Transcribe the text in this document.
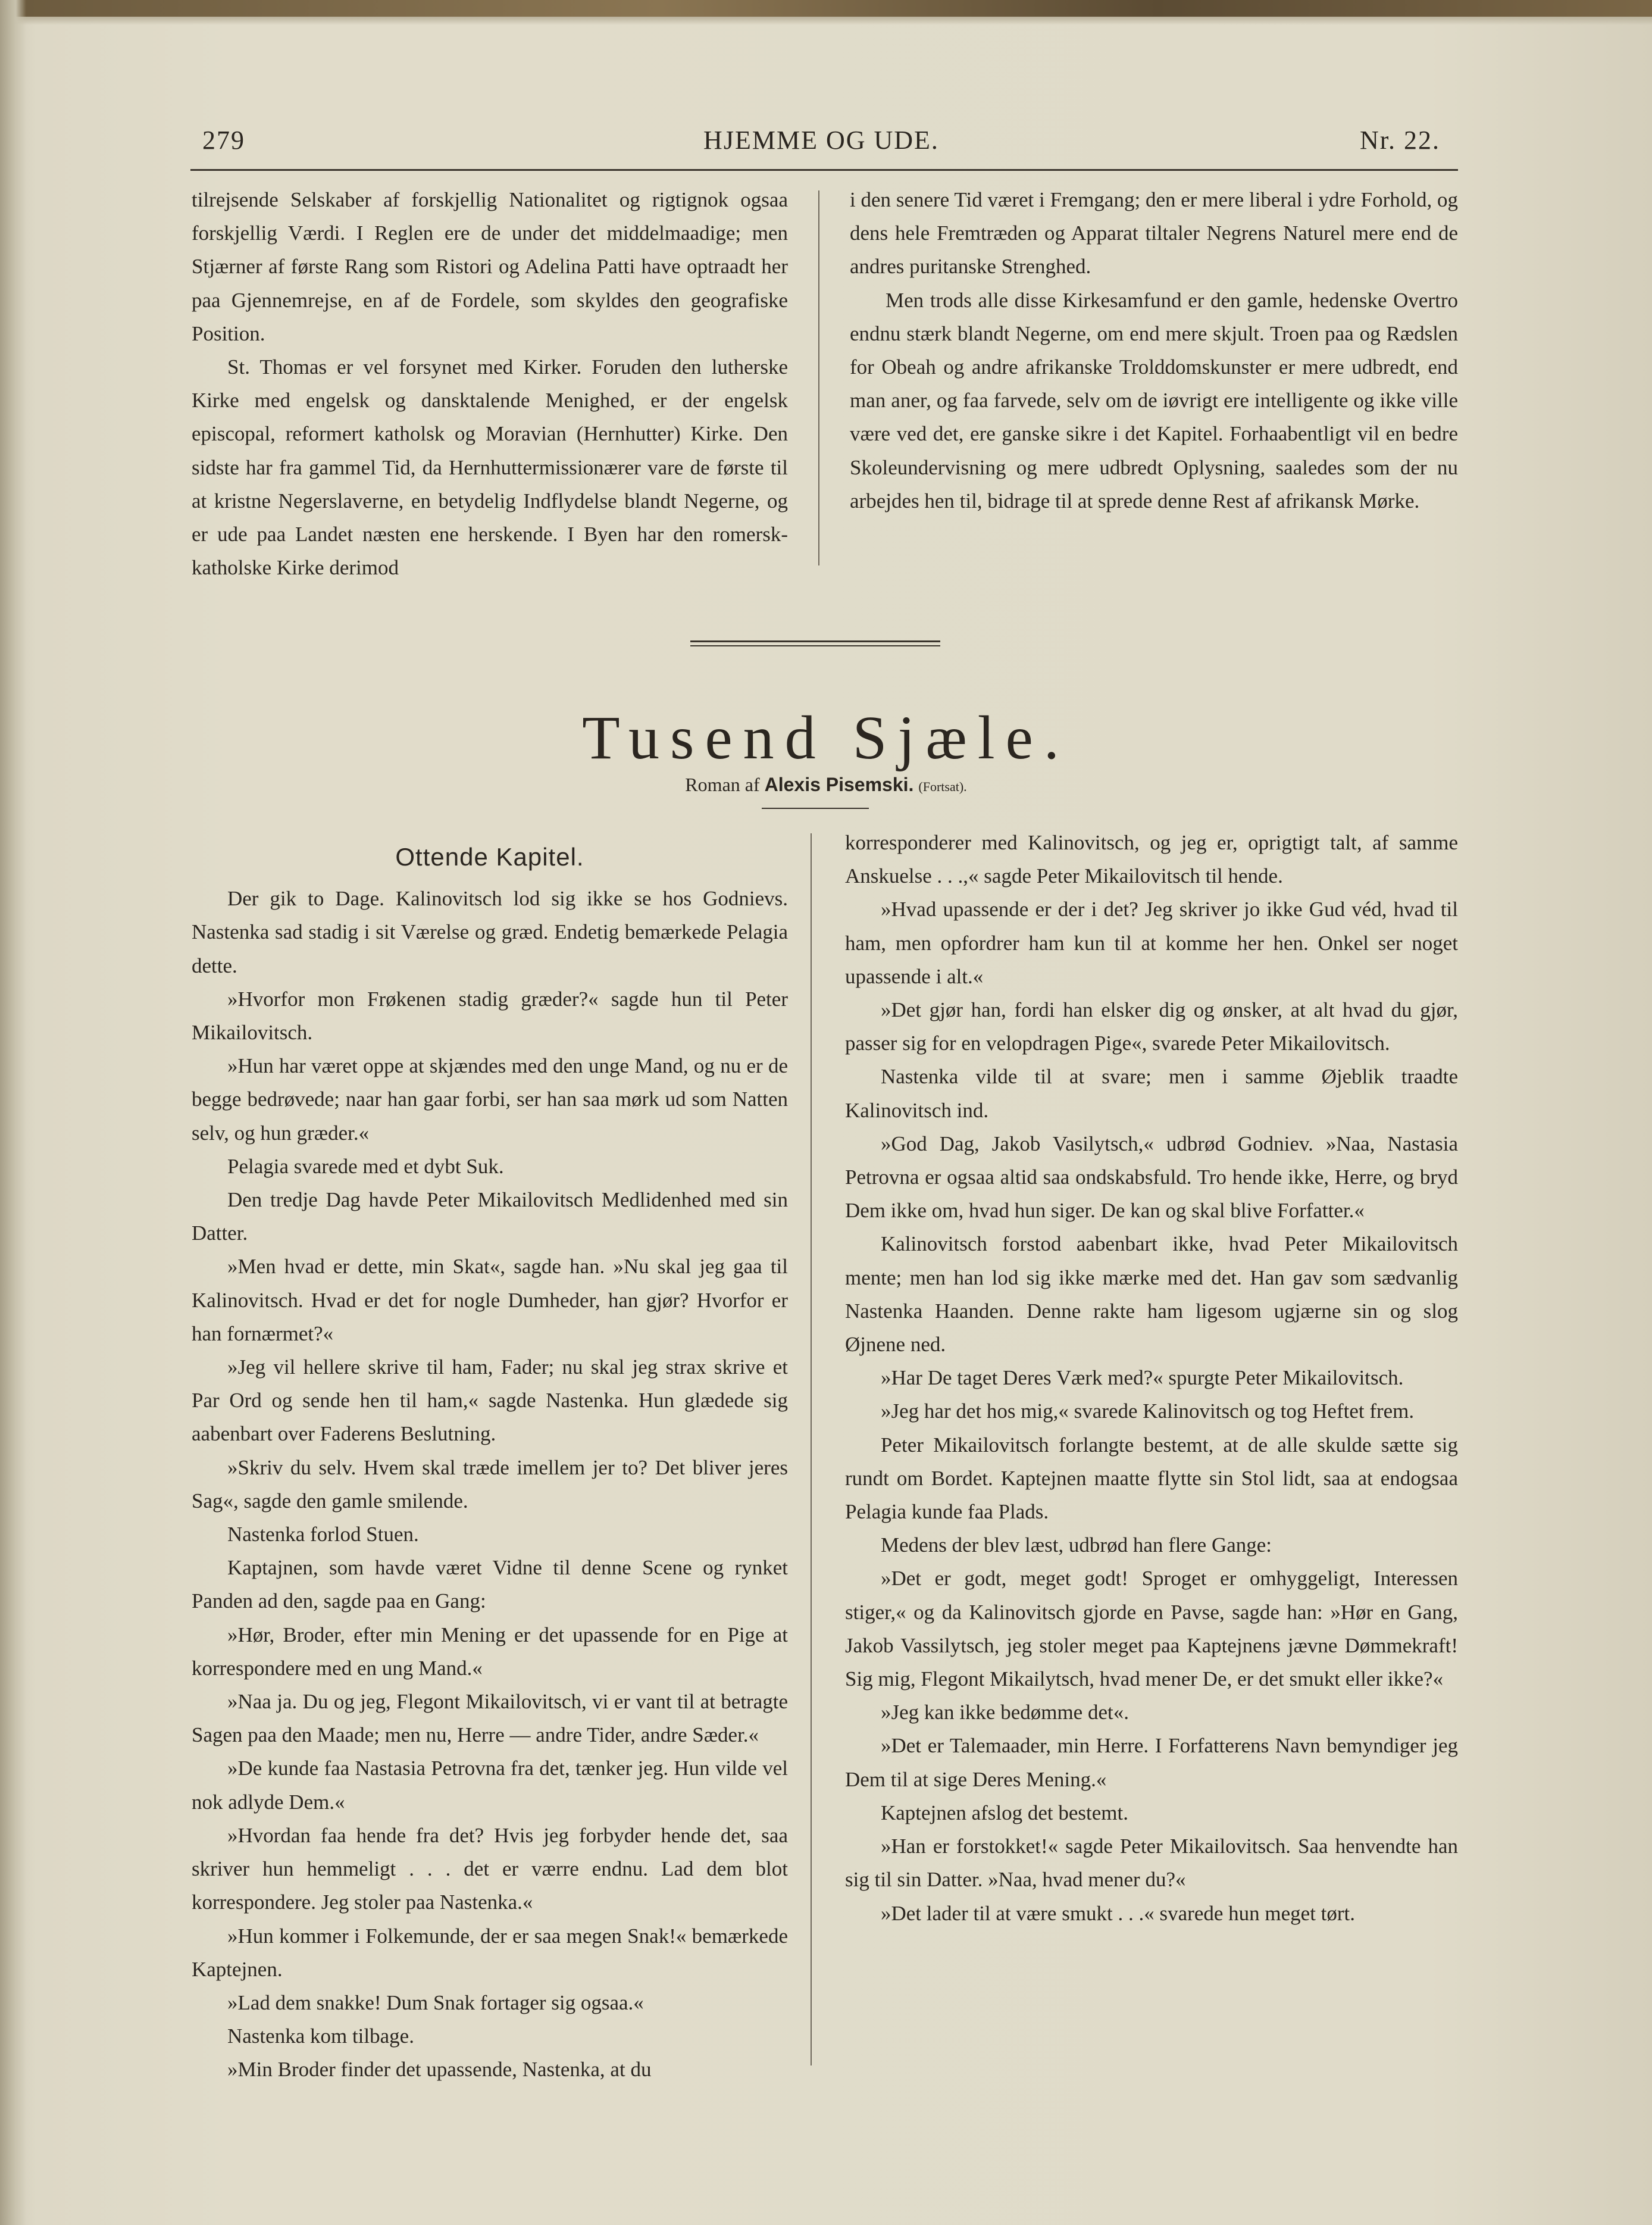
HJEMME OG UDE.
279	Nr. 22.

tilrejsende Selskaber af forskjellig Nationalitet og rigtignok ogsaa forskjellig Værdi. I Reglen ere de under det middelmaadige; men Stjærner af første Rang som Ristori og Adelina Patti have optraadt her paa Gjennemrejse, en af de Fordele, som skyldes den geografiske Position.

St. Thomas er vel forsynet med Kirker. Foruden den lutherske Kirke med engelsk og dansktalende Menighed, er der engelsk episcopal, reformert katholsk og Moravian (Hernhutter) Kirke. Den sidste har fra gammel Tid, da Hernhuttermissionærer vare de første til at kristne Negerslaverne, en betydelig Indflydelse blandt Negerne, og er ude paa Landet næsten ene herskende. I Byen har den romersk-katholske Kirke derimod

i den senere Tid været i Fremgang; den er mere liberal i ydre Forhold, og dens hele Fremtræden og Apparat tiltaler Negrens Naturel mere end de andres puritanske Strenghed.

Men trods alle disse Kirkesamfund er den gamle, hedenske Overtro endnu stærk blandt Negerne, om end mere skjult. Troen paa og Rædslen for Obeah og andre afrikanske Trolddomskunster er mere udbredt, end man aner, og faa farvede, selv om de iøvrigt ere intelligente og ikke ville være ved det, ere ganske sikre i det Kapitel. Forhaabentligt vil en bedre Skoleundervisning og mere udbredt Oplysning, saaledes som der nu arbejdes hen til, bidrage til at sprede denne Rest af afrikansk Mørke.

Tusend Sjæle.
Roman af Alexis Pisemski. (Fortsat).

Ottende Kapitel.

Der gik to Dage. Kalinovitsch lod sig ikke se hos Godnievs. Nastenka sad stadig i sit Værelse og græd. Endetig bemærkede Pelagia dette.

»Hvorfor mon Frøkenen stadig græder?« sagde hun til Peter Mikailovitsch.

»Hun har været oppe at skjændes med den unge Mand, og nu er de begge bedrøvede; naar han gaar forbi, ser han saa mørk ud som Natten selv, og hun græder.«

Pelagia svarede med et dybt Suk.

Den tredje Dag havde Peter Mikailovitsch Medlidenhed med sin Datter.

»Men hvad er dette, min Skat«, sagde han. »Nu skal jeg gaa til Kalinovitsch. Hvad er det for nogle Dumheder, han gjør? Hvorfor er han fornærmet?«

»Jeg vil hellere skrive til ham, Fader; nu skal jeg strax skrive et Par Ord og sende hen til ham,« sagde Nastenka. Hun glædede sig aabenbart over Faderens Beslutning.

»Skriv du selv. Hvem skal træde imellem jer to? Det bliver jeres Sag«, sagde den gamle smilende.

Nastenka forlod Stuen.

Kaptajnen, som havde været Vidne til denne Scene og rynket Panden ad den, sagde paa en Gang:

»Hør, Broder, efter min Mening er det upassende for en Pige at korrespondere med en ung Mand.«

»Naa ja. Du og jeg, Flegont Mikailovitsch, vi er vant til at betragte Sagen paa den Maade; men nu, Herre — andre Tider, andre Sæder.«

»De kunde faa Nastasia Petrovna fra det, tænker jeg. Hun vilde vel nok adlyde Dem.«

»Hvordan faa hende fra det? Hvis jeg forbyder hende det, saa skriver hun hemmeligt . . . det er værre endnu. Lad dem blot korrespondere. Jeg stoler paa Nastenka.«

»Hun kommer i Folkemunde, der er saa megen Snak!« bemærkede Kaptejnen.

»Lad dem snakke! Dum Snak fortager sig ogsaa.«

Nastenka kom tilbage.

»Min Broder finder det upassende, Nastenka, at du

korresponderer med Kalinovitsch, og jeg er, oprigtigt talt, af samme Anskuelse . . .,« sagde Peter Mikailovitsch til hende.

»Hvad upassende er der i det? Jeg skriver jo ikke Gud véd, hvad til ham, men opfordrer ham kun til at komme her hen. Onkel ser noget upassende i alt.«

»Det gjør han, fordi han elsker dig og ønsker, at alt hvad du gjør, passer sig for en velopdragen Pige«, svarede Peter Mikailovitsch.

Nastenka vilde til at svare; men i samme Øjeblik traadte Kalinovitsch ind.

»God Dag, Jakob Vasilytsch,« udbrød Godniev. »Naa, Nastasia Petrovna er ogsaa altid saa ondskabsfuld. Tro hende ikke, Herre, og bryd Dem ikke om, hvad hun siger. De kan og skal blive Forfatter.«

Kalinovitsch forstod aabenbart ikke, hvad Peter Mikailovitsch mente; men han lod sig ikke mærke med det. Han gav som sædvanlig Nastenka Haanden. Denne rakte ham ligesom ugjærne sin og slog Øjnene ned.

»Har De taget Deres Værk med?« spurgte Peter Mikailovitsch.

»Jeg har det hos mig,« svarede Kalinovitsch og tog Heftet frem.

Peter Mikailovitsch forlangte bestemt, at de alle skulde sætte sig rundt om Bordet. Kaptejnen maatte flytte sin Stol lidt, saa at endogsaa Pelagia kunde faa Plads.

Medens der blev læst, udbrød han flere Gange:

»Det er godt, meget godt! Sproget er omhyggeligt, Interessen stiger,« og da Kalinovitsch gjorde en Pavse, sagde han: »Hør en Gang, Jakob Vassilytsch, jeg stoler meget paa Kaptejnens jævne Dømmekraft! Sig mig, Flegont Mikailytsch, hvad mener De, er det smukt eller ikke?«

»Jeg kan ikke bedømme det«.

»Det er Talemaader, min Herre. I Forfatterens Navn bemyndiger jeg Dem til at sige Deres Mening.«

Kaptejnen afslog det bestemt.

»Han er forstokket!« sagde Peter Mikailovitsch. Saa henvendte han sig til sin Datter. »Naa, hvad mener du?«

»Det lader til at være smukt . . .« svarede hun meget tørt.
